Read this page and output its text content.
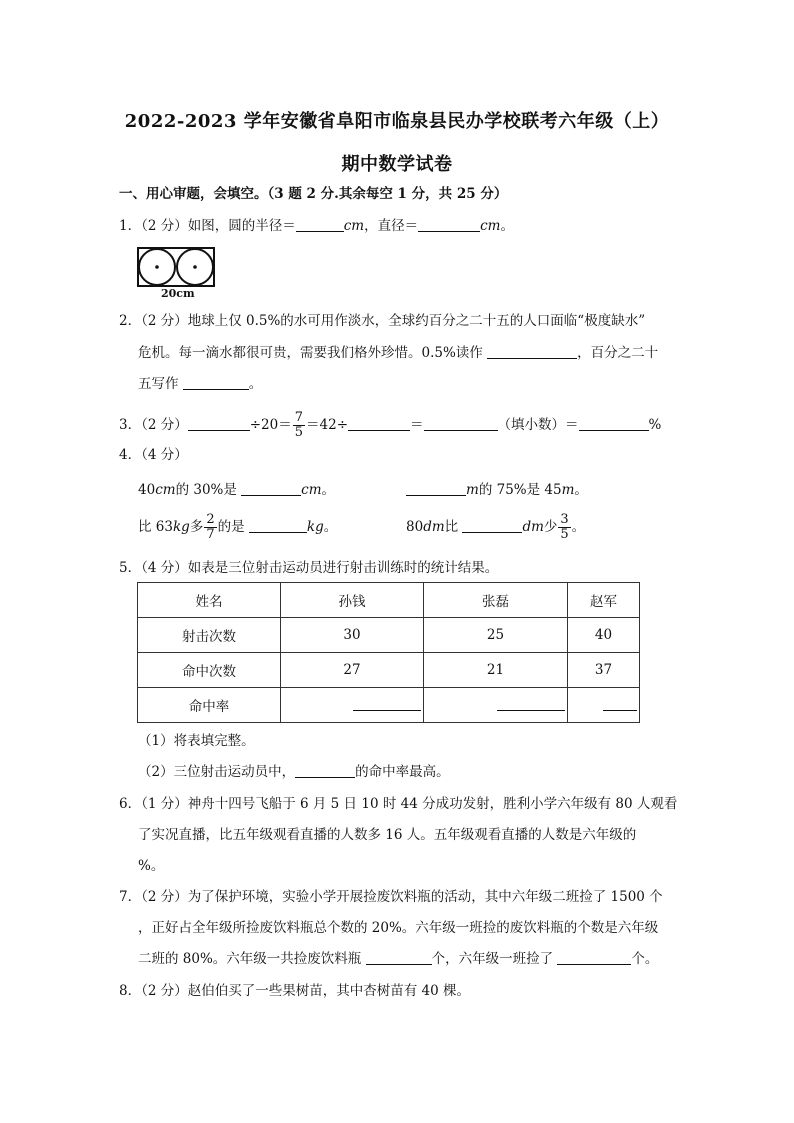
2022-2023 学年安徽省阜阳市临泉县民办学校联考六年级（上）
期中数学试卷
一、用心审题，会填空。（3 题 2 分.其余每空 1 分，共 25 分）
1．（2 分）如图，圆的半径＝	cm，直径＝	cm。
20cm
2．（2 分）地球上仅 0.5%的水可用作淡水，全球约百分之二十五的人口面临“极度缺水”
危机。每一滴水都很可贵，需要我们格外珍惜。0.5%读作	，百分之二十
五写作	。
3．（2 分）	$\div 20= \frac{7}{5} =42\div$	＝	（填小数）＝	%
4．（4 分）
40cm的 30%是	cm。	m的 75%是 45m。
比 63kg多 $\frac{2}{7}$ 的是	kg。	80dm比	dm少 $\frac{3}{5}$ 。
5．（4 分）如表是三位射击运动员进行射击训练时的统计结果。
姓名	孙钱	张磊	赵军
射击次数	30	25	40
命中次数	27	21	37
命中率			
（1）将表填完整。
（2）三位射击运动员中，	的命中率最高。
6．（1 分）神舟十四号飞船于 6 月 5 日 10 时 44 分成功发射，胜利小学六年级有 80 人观看
了实况直播，比五年级观看直播的人数多 16 人。五年级观看直播的人数是六年级的
%。
7．（2 分）为了保护环境，实验小学开展捡废饮料瓶的活动，其中六年级二班捡了 1500 个
，正好占全年级所捡废饮料瓶总个数的 20%。六年级一班捡的废饮料瓶的个数是六年级
二班的 80%。六年级一共捡废饮料瓶	个，六年级一班捡了	个。
8．（2 分）赵伯伯买了一些果树苗，其中杏树苗有 40 棵。
